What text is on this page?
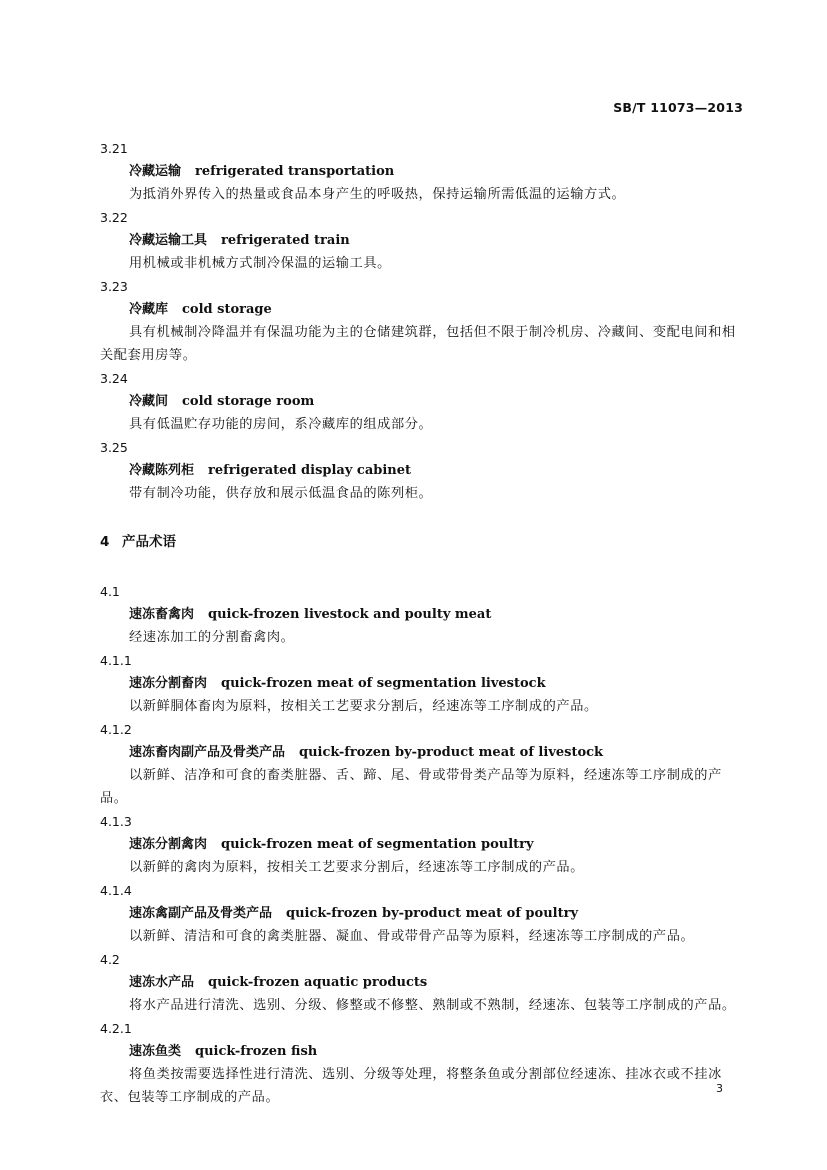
SB/T 11073—2013

3.21

冷藏运输 refrigerated transportation

为抵消外界传入的热量或食品本身产生的呼吸热，保持运输所需低温的运输方式。

3.22

冷藏运输工具 refrigerated train

用机械或非机械方式制冷保温的运输工具。

3.23

冷藏库 cold storage

具有机械制冷降温并有保温功能为主的仓储建筑群，包括但不限于制冷机房、冷藏间、变配电间和相关配套用房等。

3.24

冷藏间 cold storage room

具有低温贮存功能的房间，系冷藏库的组成部分。

3.25

冷藏陈列柜 refrigerated display cabinet

带有制冷功能，供存放和展示低温食品的陈列柜。

4 产品术语

4.1

速冻畜禽肉 quick-frozen livestock and poulty meat

经速冻加工的分割畜禽肉。

4.1.1

速冻分割畜肉 quick-frozen meat of segmentation livestock

以新鲜胴体畜肉为原料，按相关工艺要求分割后，经速冻等工序制成的产品。

4.1.2

速冻畜肉副产品及骨类产品 quick-frozen by-product meat of livestock

以新鲜、洁净和可食的畜类脏器、舌、蹄、尾、骨或带骨类产品等为原料，经速冻等工序制成的产品。

4.1.3

速冻分割禽肉 quick-frozen meat of segmentation poultry

以新鲜的禽肉为原料，按相关工艺要求分割后，经速冻等工序制成的产品。

4.1.4

速冻禽副产品及骨类产品 quick-frozen by-product meat of poultry

以新鲜、清洁和可食的禽类脏器、凝血、骨或带骨产品等为原料，经速冻等工序制成的产品。

4.2

速冻水产品 quick-frozen aquatic products

将水产品进行清洗、选别、分级、修整或不修整、熟制或不熟制，经速冻、包装等工序制成的产品。

4.2.1

速冻鱼类 quick-frozen fish

将鱼类按需要选择性进行清洗、选别、分级等处理，将整条鱼或分割部位经速冻、挂冰衣或不挂冰衣、包装等工序制成的产品。

3
